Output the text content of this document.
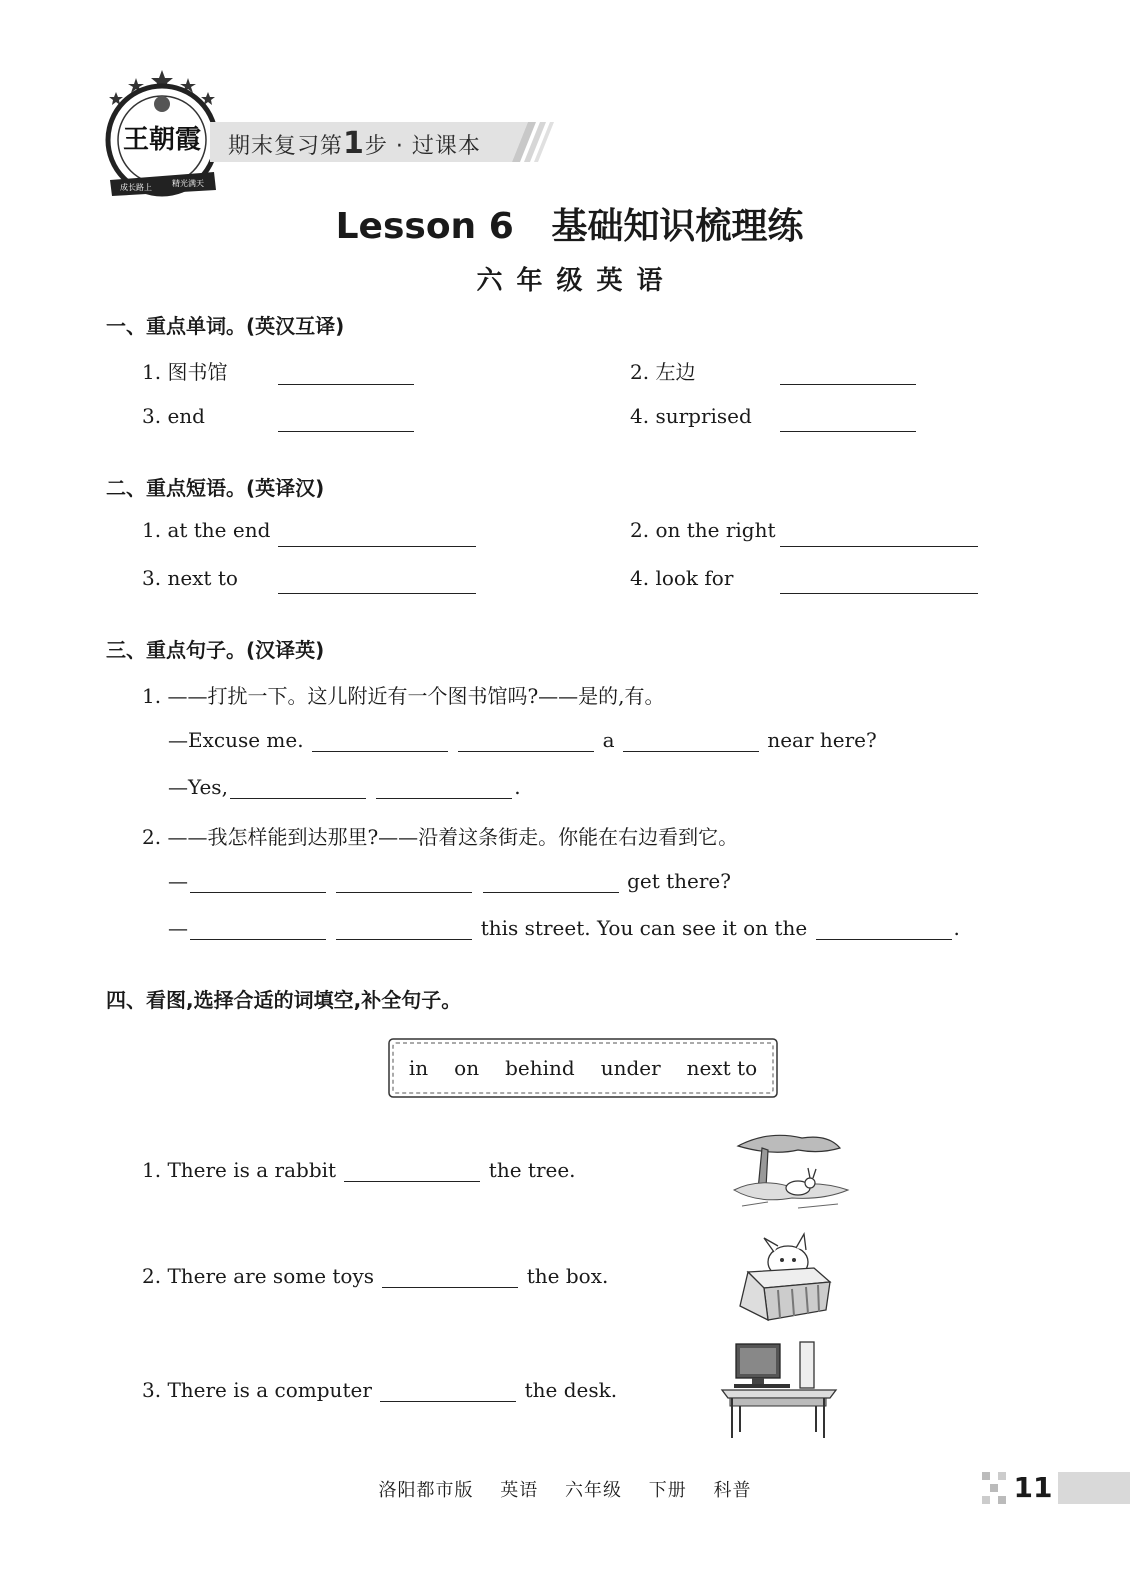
王朝霞
成长路上	精光满天
期末复习第1步 · 过课本
Lesson 6   基础知识梳理练
六年级英语
一、重点单词。(英汉互译)
1. 图书馆	2. 左边
3. end	4. surprised
二、重点短语。(英译汉)
1. at the end	2. on the right
3. next to	4. look for
三、重点句子。(汉译英)
1. ——打扰一下。这儿附近有一个图书馆吗?——是的,有。
—Excuse me.	a	near here?
—Yes,	.
2. ——我怎样能到达那里?——沿着这条街走。你能在右边看到它。
—	get there?
—	this street. You can see it on the	.
四、看图,选择合适的词填空,补全句子。
in on behind under next to
1. There is a rabbit	the tree.
2. There are some toys	the box.
3. There is a computer	the desk.
洛阳都市版 英语 六年级 下册 科普	11
